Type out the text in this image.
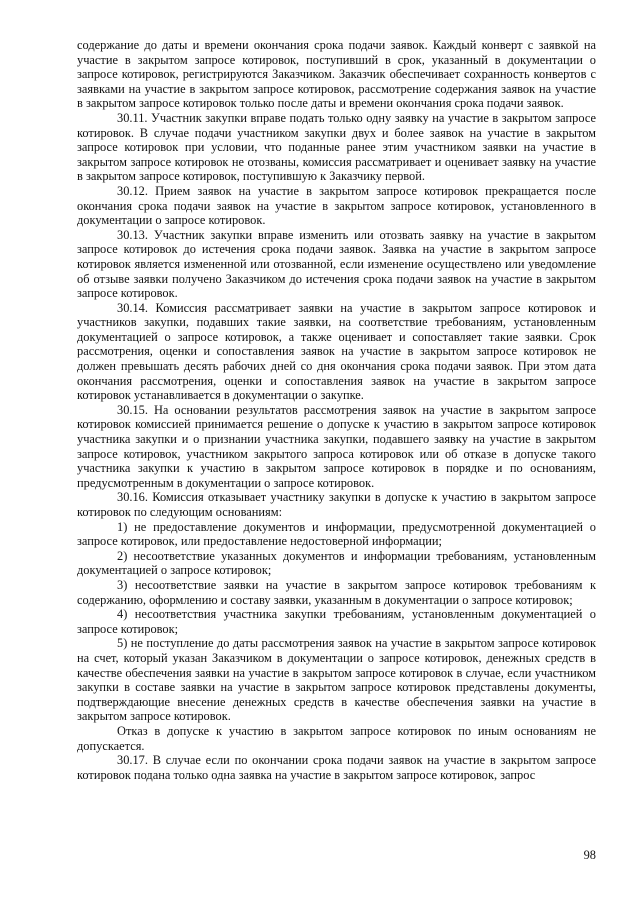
содержание до даты и времени окончания срока подачи заявок. Каждый конверт с заявкой на участие в закрытом запросе котировок, поступивший в срок, указанный в документации о запросе котировок, регистрируются Заказчиком. Заказчик обеспечивает сохранность конвертов с заявками на участие в закрытом запросе котировок, рассмотрение содержания заявок на участие в закрытом запросе котировок только после даты и времени окончания срока подачи заявок.

30.11. Участник закупки вправе подать только одну заявку на участие в закрытом запросе котировок. В случае подачи участником закупки двух и более заявок на участие в закрытом запросе котировок при условии, что поданные ранее этим участником заявки на участие в закрытом запросе котировок не отозваны, комиссия рассматривает и оценивает заявку на участие в закрытом запросе котировок, поступившую к Заказчику первой.

30.12. Прием заявок на участие в закрытом запросе котировок прекращается после окончания срока подачи заявок на участие в закрытом запросе котировок, установленного в документации о запросе котировок.

30.13. Участник закупки вправе изменить или отозвать заявку на участие в закрытом запросе котировок до истечения срока подачи заявок. Заявка на участие в закрытом запросе котировок является измененной или отозванной, если изменение осуществлено или уведомление об отзыве заявки получено Заказчиком до истечения срока подачи заявок на участие в закрытом запросе котировок.

30.14. Комиссия рассматривает заявки на участие в закрытом запросе котировок и участников закупки, подавших такие заявки, на соответствие требованиям, установленным документацией о запросе котировок, а также оценивает и сопоставляет такие заявки. Срок рассмотрения, оценки и сопоставления заявок на участие в закрытом запросе котировок не должен превышать десять рабочих дней со дня окончания срока подачи заявок. При этом дата окончания рассмотрения, оценки и сопоставления заявок на участие в закрытом запросе котировок устанавливается в документации о закупке.

30.15. На основании результатов рассмотрения заявок на участие в закрытом запросе котировок комиссией принимается решение о допуске к участию в закрытом запросе котировок участника закупки и о признании участника закупки, подавшего заявку на участие в закрытом запросе котировок, участником закрытого запроса котировок или об отказе в допуске такого участника закупки к участию в закрытом запросе котировок в порядке и по основаниям, предусмотренным в документации о запросе котировок.

30.16. Комиссия отказывает участнику закупки в допуске к участию в закрытом запросе котировок по следующим основаниям:

1) не предоставление документов и информации, предусмотренной документацией о запросе котировок, или предоставление недостоверной информации;

2) несоответствие указанных документов и информации требованиям, установленным документацией о запросе котировок;

3) несоответствие заявки на участие в закрытом запросе котировок требованиям к содержанию, оформлению и составу заявки, указанным в документации о запросе котировок;

4) несоответствия участника закупки требованиям, установленным документацией о запросе котировок;

5) не поступление до даты рассмотрения заявок на участие в закрытом запросе котировок на счет, который указан Заказчиком в документации о запросе котировок, денежных средств в качестве обеспечения заявки на участие в закрытом запросе котировок в случае, если участником закупки в составе заявки на участие в закрытом запросе котировок представлены документы, подтверждающие внесение денежных средств в качестве обеспечения заявки на участие в закрытом запросе котировок.

Отказ в допуске к участию в закрытом запросе котировок по иным основаниям не допускается.

30.17. В случае если по окончании срока подачи заявок на участие в закрытом запросе котировок подана только одна заявка на участие в закрытом запросе котировок, запрос

98
